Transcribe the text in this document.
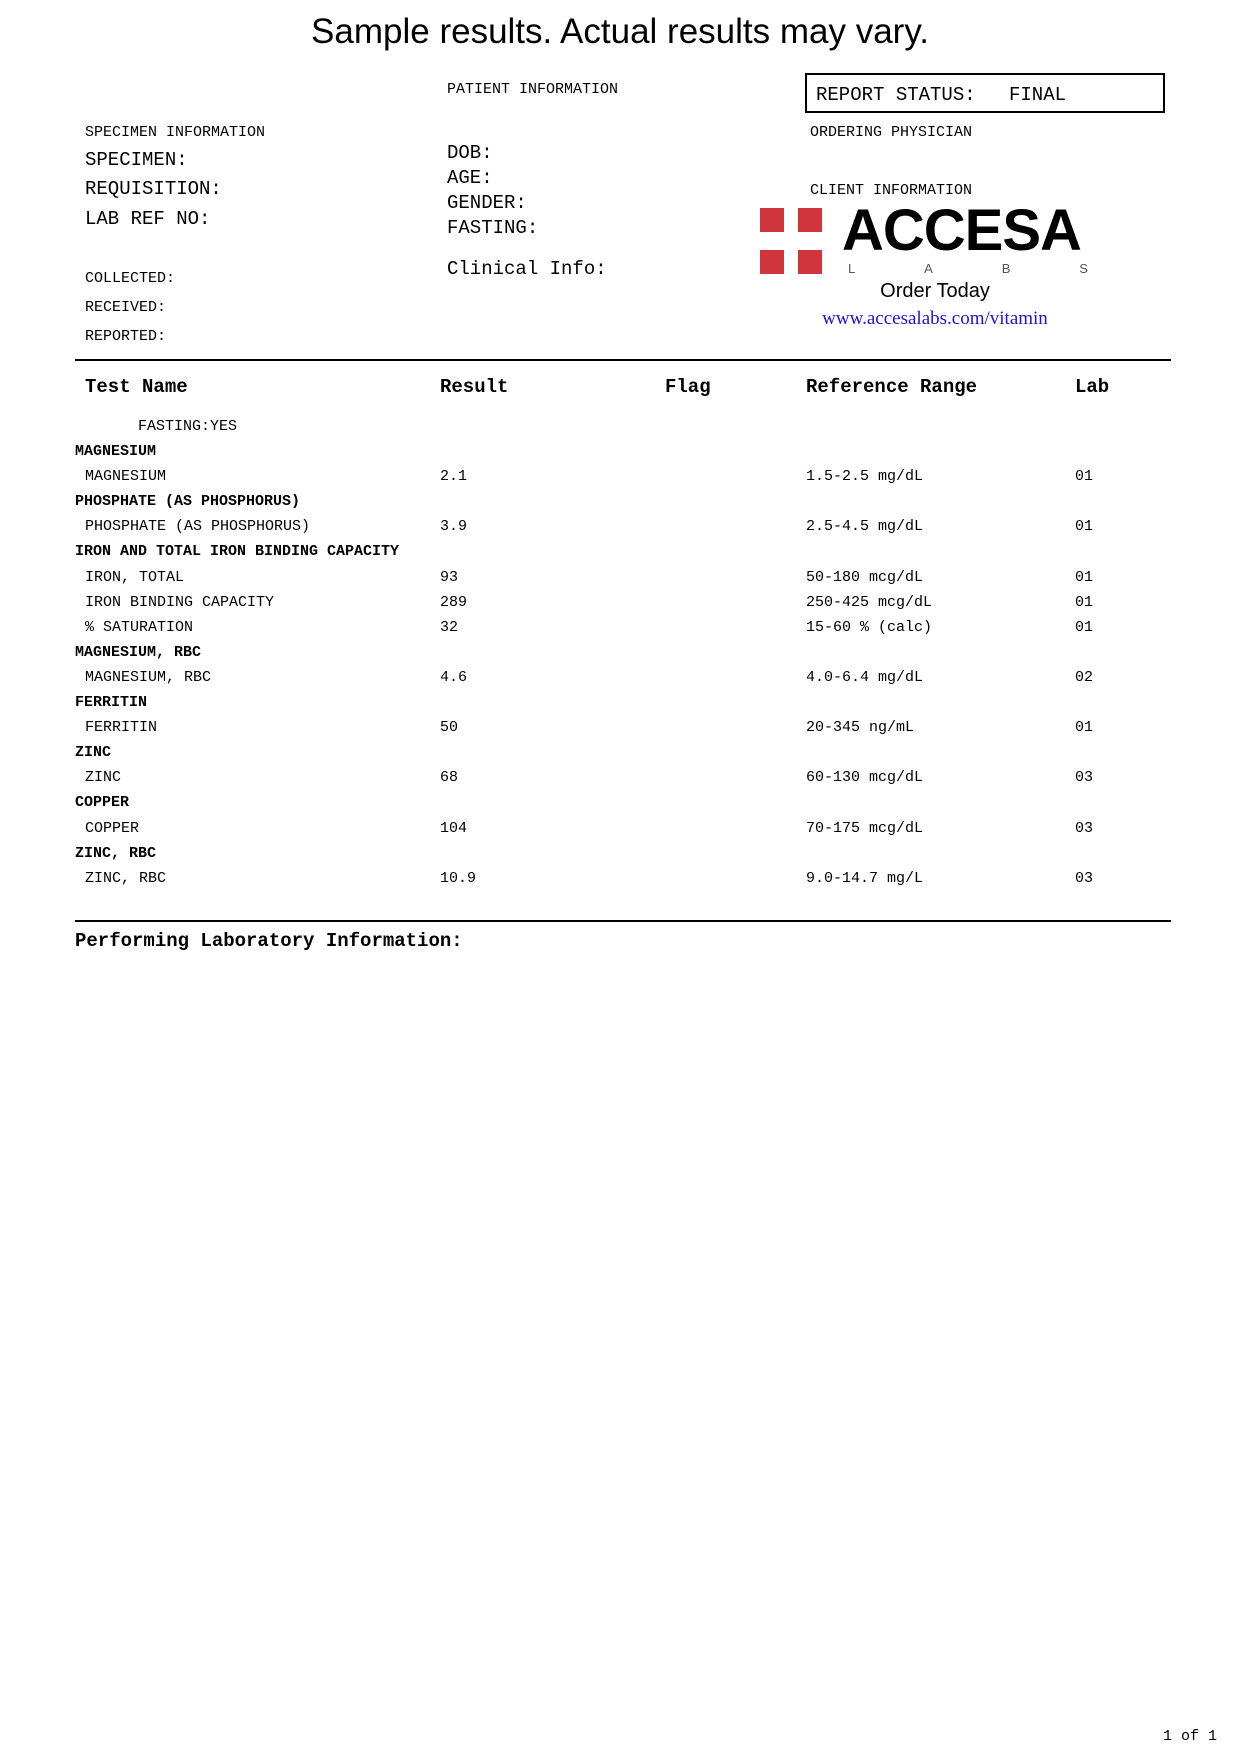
Sample results. Actual results may vary.
PATIENT INFORMATION	REPORT STATUS: FINAL
SPECIMEN INFORMATION
SPECIMEN:
REQUISITION:
LAB REF NO:
DOB:
AGE:
GENDER:
FASTING:
Clinical Info:
ORDERING PHYSICIAN
CLIENT INFORMATION
COLLECTED:
RECEIVED:
REPORTED:
ACCESA
L	A	B	S
Order Today
www.accesalabs.com/vitamin
Test Name	Result	Flag	Reference Range	Lab
FASTING:YES
MAGNESIUM
MAGNESIUM	2.1	1.5-2.5 mg/dL	01
PHOSPHATE (AS PHOSPHORUS)
PHOSPHATE (AS PHOSPHORUS)	3.9	2.5-4.5 mg/dL	01
IRON AND TOTAL IRON BINDING CAPACITY
IRON, TOTAL	93	50-180 mcg/dL	01
IRON BINDING CAPACITY	289	250-425 mcg/dL	01
% SATURATION	32	15-60 % (calc)	01
MAGNESIUM, RBC
MAGNESIUM, RBC	4.6	4.0-6.4 mg/dL	02
FERRITIN
FERRITIN	50	20-345 ng/mL	01
ZINC
ZINC	68	60-130 mcg/dL	03
COPPER
COPPER	104	70-175 mcg/dL	03
ZINC, RBC
ZINC, RBC	10.9	9.0-14.7 mg/L	03
Performing Laboratory Information:
1 of 1
